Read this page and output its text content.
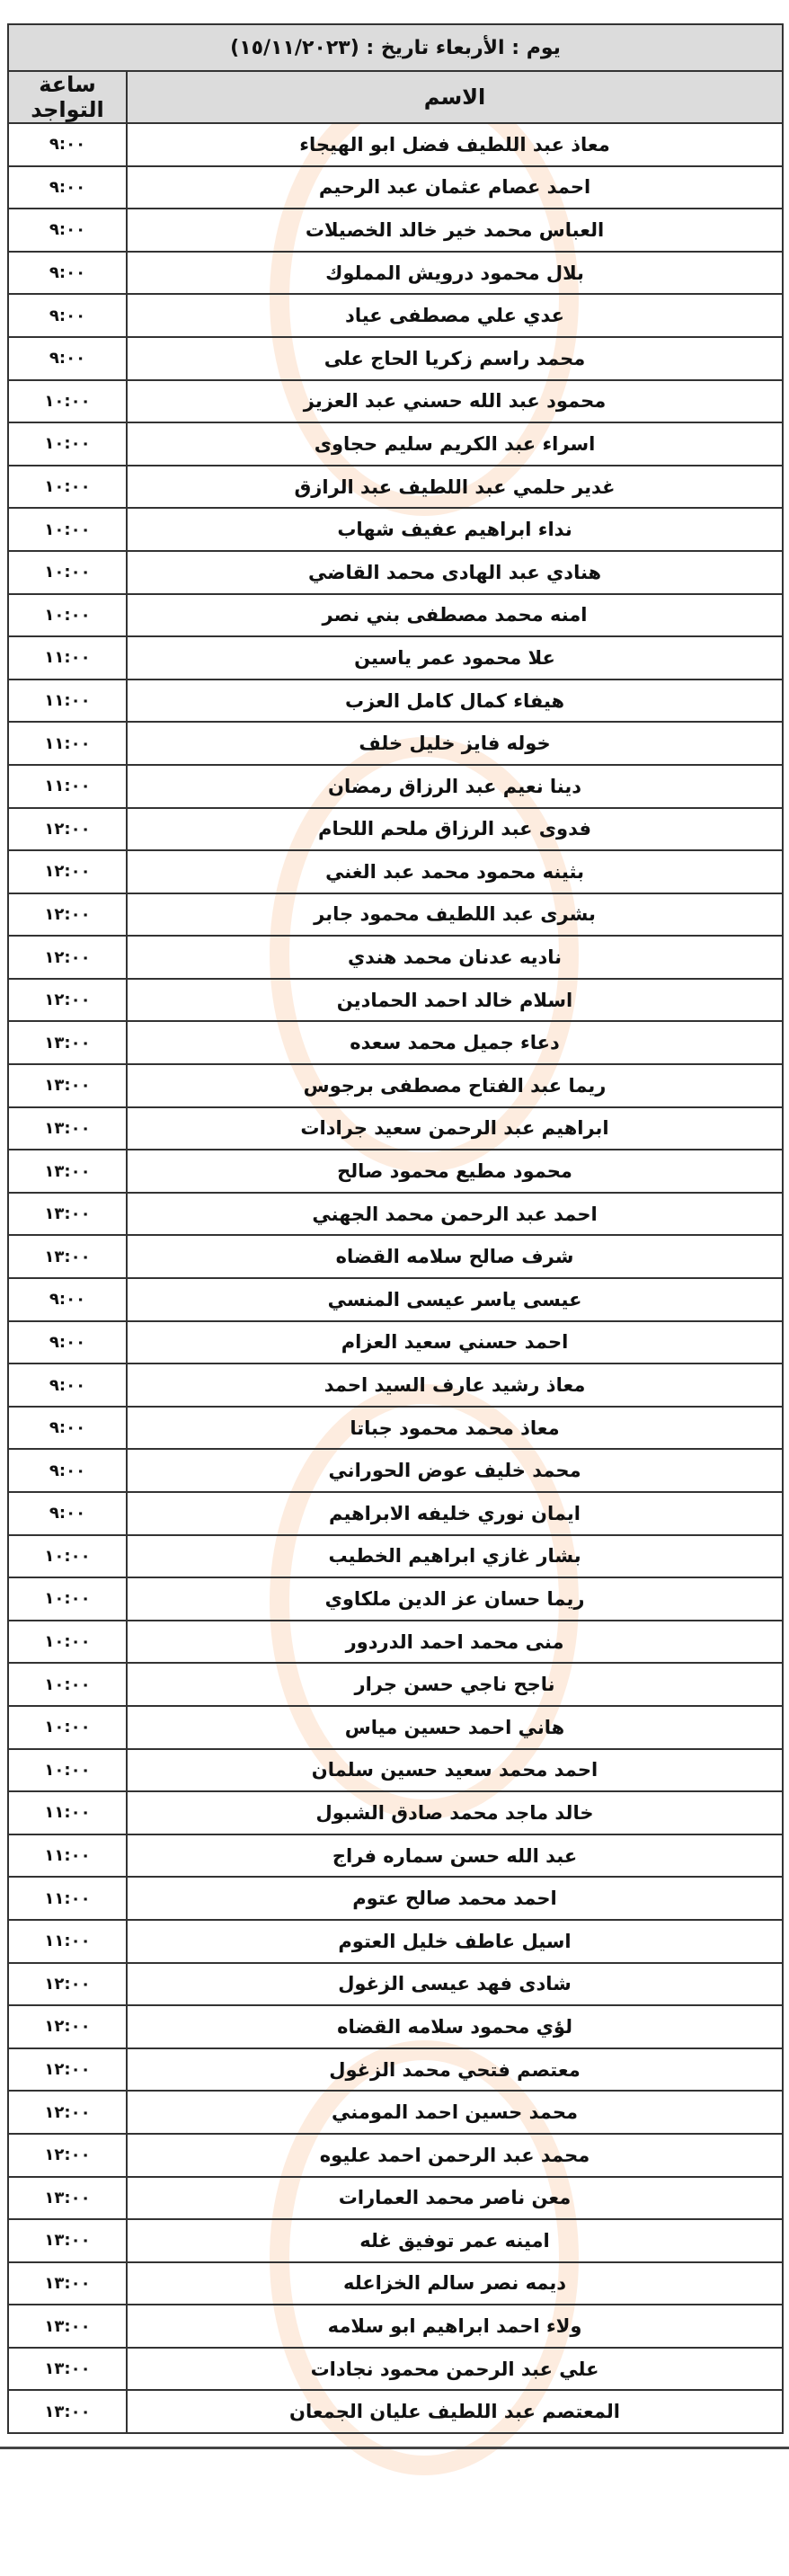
يوم : الأربعاء تاريخ : (١٥/١١/٢٠٢٣)	
الاسم	ساعة التواجد
معاذ عبد اللطيف فضل ابو الهيجاء	٩:٠٠
احمد عصام عثمان عبد الرحيم	٩:٠٠
العباس محمد خير خالد الخصيلات	٩:٠٠
بلال محمود درويش المملوك	٩:٠٠
عدي علي مصطفى عياد	٩:٠٠
محمد راسم زكريا الحاج على	٩:٠٠
محمود عبد الله حسني عبد العزيز	١٠:٠٠
اسراء عبد الكريم سليم حجاوى	١٠:٠٠
غدير حلمي عبد اللطيف عبد الرازق	١٠:٠٠
نداء ابراهيم عفيف شهاب	١٠:٠٠
هنادي عبد الهادى محمد القاضي	١٠:٠٠
امنه محمد مصطفى بني نصر	١٠:٠٠
علا محمود عمر ياسين	١١:٠٠
هيفاء كمال كامل العزب	١١:٠٠
خوله فايز خليل خلف	١١:٠٠
دينا نعيم عبد الرزاق رمضان	١١:٠٠
فدوى عبد الرزاق ملحم اللحام	١٢:٠٠
بثينه محمود محمد عبد الغني	١٢:٠٠
بشرى عبد اللطيف محمود جابر	١٢:٠٠
ناديه عدنان محمد هندي	١٢:٠٠
اسلام خالد احمد الحمادين	١٢:٠٠
دعاء جميل محمد سعده	١٣:٠٠
ريما عبد الفتاح مصطفى برجوس	١٣:٠٠
ابراهيم عبد الرحمن سعيد جرادات	١٣:٠٠
محمود مطيع محمود صالح	١٣:٠٠
احمد عبد الرحمن محمد الجهني	١٣:٠٠
شرف صالح سلامه القضاه	١٣:٠٠
عيسى ياسر عيسى المنسي	٩:٠٠
احمد حسني سعيد العزام	٩:٠٠
معاذ رشيد عارف السيد احمد	٩:٠٠
معاذ محمد محمود جباتا	٩:٠٠
محمد خليف عوض الحوراني	٩:٠٠
ايمان نوري خليفه الابراهيم	٩:٠٠
بشار غازي ابراهيم الخطيب	١٠:٠٠
ريما حسان عز الدين ملكاوي	١٠:٠٠
منى محمد احمد الدردور	١٠:٠٠
ناجح ناجي حسن جرار	١٠:٠٠
هاني احمد حسين مياس	١٠:٠٠
احمد محمد سعيد حسين سلمان	١٠:٠٠
خالد ماجد محمد صادق الشبول	١١:٠٠
عبد الله حسن سماره فراج	١١:٠٠
احمد محمد صالح عتوم	١١:٠٠
اسيل عاطف خليل العتوم	١١:٠٠
شادى فهد عيسى الزغول	١٢:٠٠
لؤي محمود سلامه القضاه	١٢:٠٠
معتصم فتحي محمد الزغول	١٢:٠٠
محمد حسين احمد المومني	١٢:٠٠
محمد عبد الرحمن احمد عليوه	١٢:٠٠
معن ناصر محمد العمارات	١٣:٠٠
امينه عمر توفيق غله	١٣:٠٠
ديمه نصر سالم الخزاعله	١٣:٠٠
ولاء احمد ابراهيم ابو سلامه	١٣:٠٠
علي عبد الرحمن محمود نجادات	١٣:٠٠
المعتصم عبد اللطيف عليان الجمعان	١٣:٠٠
